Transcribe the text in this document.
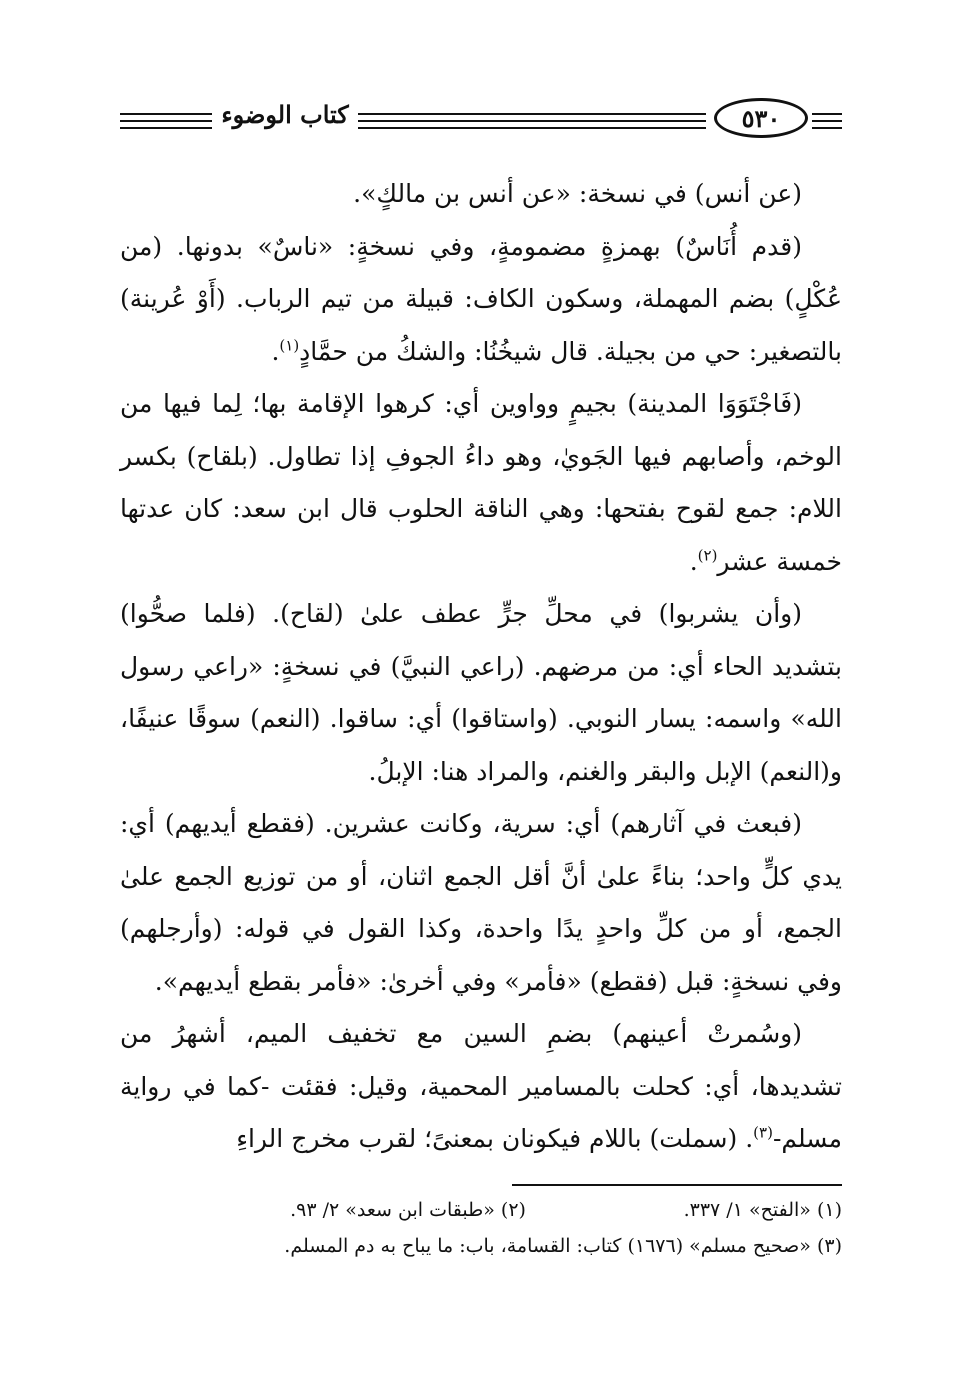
كتاب الوضوء	٥٣٠

(عن أنس) في نسخة: «عن أنس بن مالكٍ».

(قدم أُنَاسٌ) بهمزةٍ مضمومةٍ، وفي نسخةٍ: «ناسٌ» بدونها. (من عُكْلٍ) بضم المهملة، وسكون الكاف: قبيلة من تيم الرباب. (أَوْ عُرينة) بالتصغير: حي من بجيلة. قال شيخُنُا: والشكُ من حمَّادٍ$^{(١)}$.

(فَاجْتَوَوَا المدينة) بجيمٍ وواوين أي: كرهوا الإقامة بها؛ لِما فيها من الوخم، وأصابهم فيها الجَويٰ، وهو داءُ الجوفِ إذا تطاول. (بلقاح) بكسر اللام: جمع لقوح بفتحها: وهي الناقة الحلوب قال ابن سعد: كان عدتها خمسة عشر$^{(٢)}$.

(وأن يشربوا) في محلِّ جرٍّ عطف علىٰ (لقاح). (فلما صحُّوا) بتشديد الحاء أي: من مرضهم. (راعي النبيَّ) في نسخةٍ: «راعي رسول الله» واسمه: يسار النوبي. (واستاقوا) أي: ساقوا. (النعم) سوقًا عنيفًا، و(النعم) الإبل والبقر والغنم، والمراد هنا: الإبلُ.

(فبعث في آثارهم) أي: سرية، وكانت عشرين. (فقطع أيديهم) أي: يدي كلٍّ واحد؛ بناءً علىٰ أنَّ أقل الجمع اثنان، أو من توزيع الجمع علىٰ الجمع، أو من كلِّ واحدٍ يدًا واحدة، وكذا القول في قوله: (وأرجلهم) وفي نسخةٍ: قبل (فقطع) «فأمر» وفي أخرىٰ: «فأمر بقطع أيديهم».

(وسُمرتْ أعينهم) بضمِ السين مع تخفيف الميم، أشهرُ من تشديدها، أي: كحلت بالمسامير المحمية، وقيل: فقئت -كما في رواية مسلم-$^{(٣)}$. (سملت) باللام فيكونان بمعنىً؛ لقرب مخرج الراءِ

(١) «الفتح» ١/ ٣٣٧. (٢) «طبقات ابن سعد» ٢/ ٩٣.
(٣) «صحيح مسلم» (١٦٧٦) كتاب: القسامة، باب: ما يباح به دم المسلم.
